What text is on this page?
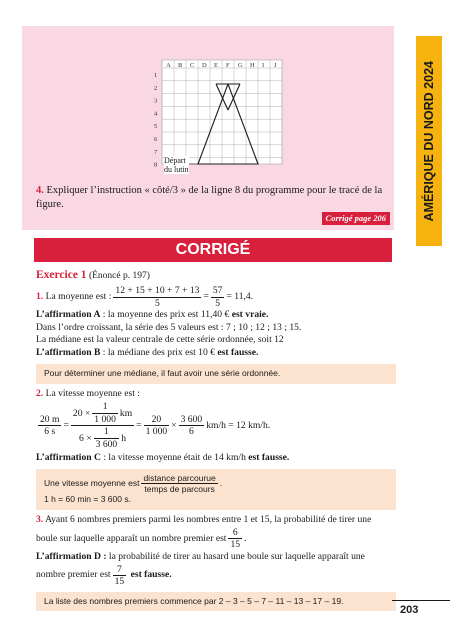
A B C D E F G H I J
1
2
3
4
5
6
7
8
Départ
du lutin
4. Expliquer l’instruction « côté/3 » de la ligne 8 du programme pour le tracé de la figure.
Corrigé page 206	AMÉRIQUE DU NORD 2024
CORRIGÉ
Exercice 1 (Énoncé p. 197)
1.
La moyenne est : $\frac{12 + 15 + 10 + 7 + 13}{5} = \frac{57}{5} = 11,4$.
L’affirmation A : la moyenne des prix est 11,40 € est vraie.
Dans l’ordre croissant, la série des 5 valeurs est : 7 ; 10 ; 12 ; 13 ; 15.
La médiane est la valeur centrale de cette série ordonnée, soit 12
L’affirmation B : la médiane des prix est 10 € est fausse.
Pour déterminer une médiane, il faut avoir une série ordonnée.
2. La vitesse moyenne est :
$\frac{20 m}{6 s} = \frac{20 \times \frac{1}{1 000} km}{6 \times \frac{1}{3 600} h} = \frac{20}{1 000} \times \frac{3 600}{6} km/h = 12$ km/h.
L’affirmation C : la vitesse moyenne était de 14 km/h est fausse.
Une vitesse moyenne est $\frac{\text{distance parcourue}}{\text{temps de parcours}}$ .
1 h = 60 min = 3 600 s.
3. Ayant 6 nombres premiers parmi les nombres entre 1 et 15, la probabilité de tirer une
boule sur laquelle apparaît un nombre premier est $\frac{6}{15}$ .
L’affirmation D : la probabilité de tirer au hasard une boule sur laquelle apparaît une
nombre premier est $\frac{7}{15}$
est fausse.
La liste des nombres premiers commence par 2 – 3 – 5 – 7 – 11 – 13 – 17 – 19.
203
